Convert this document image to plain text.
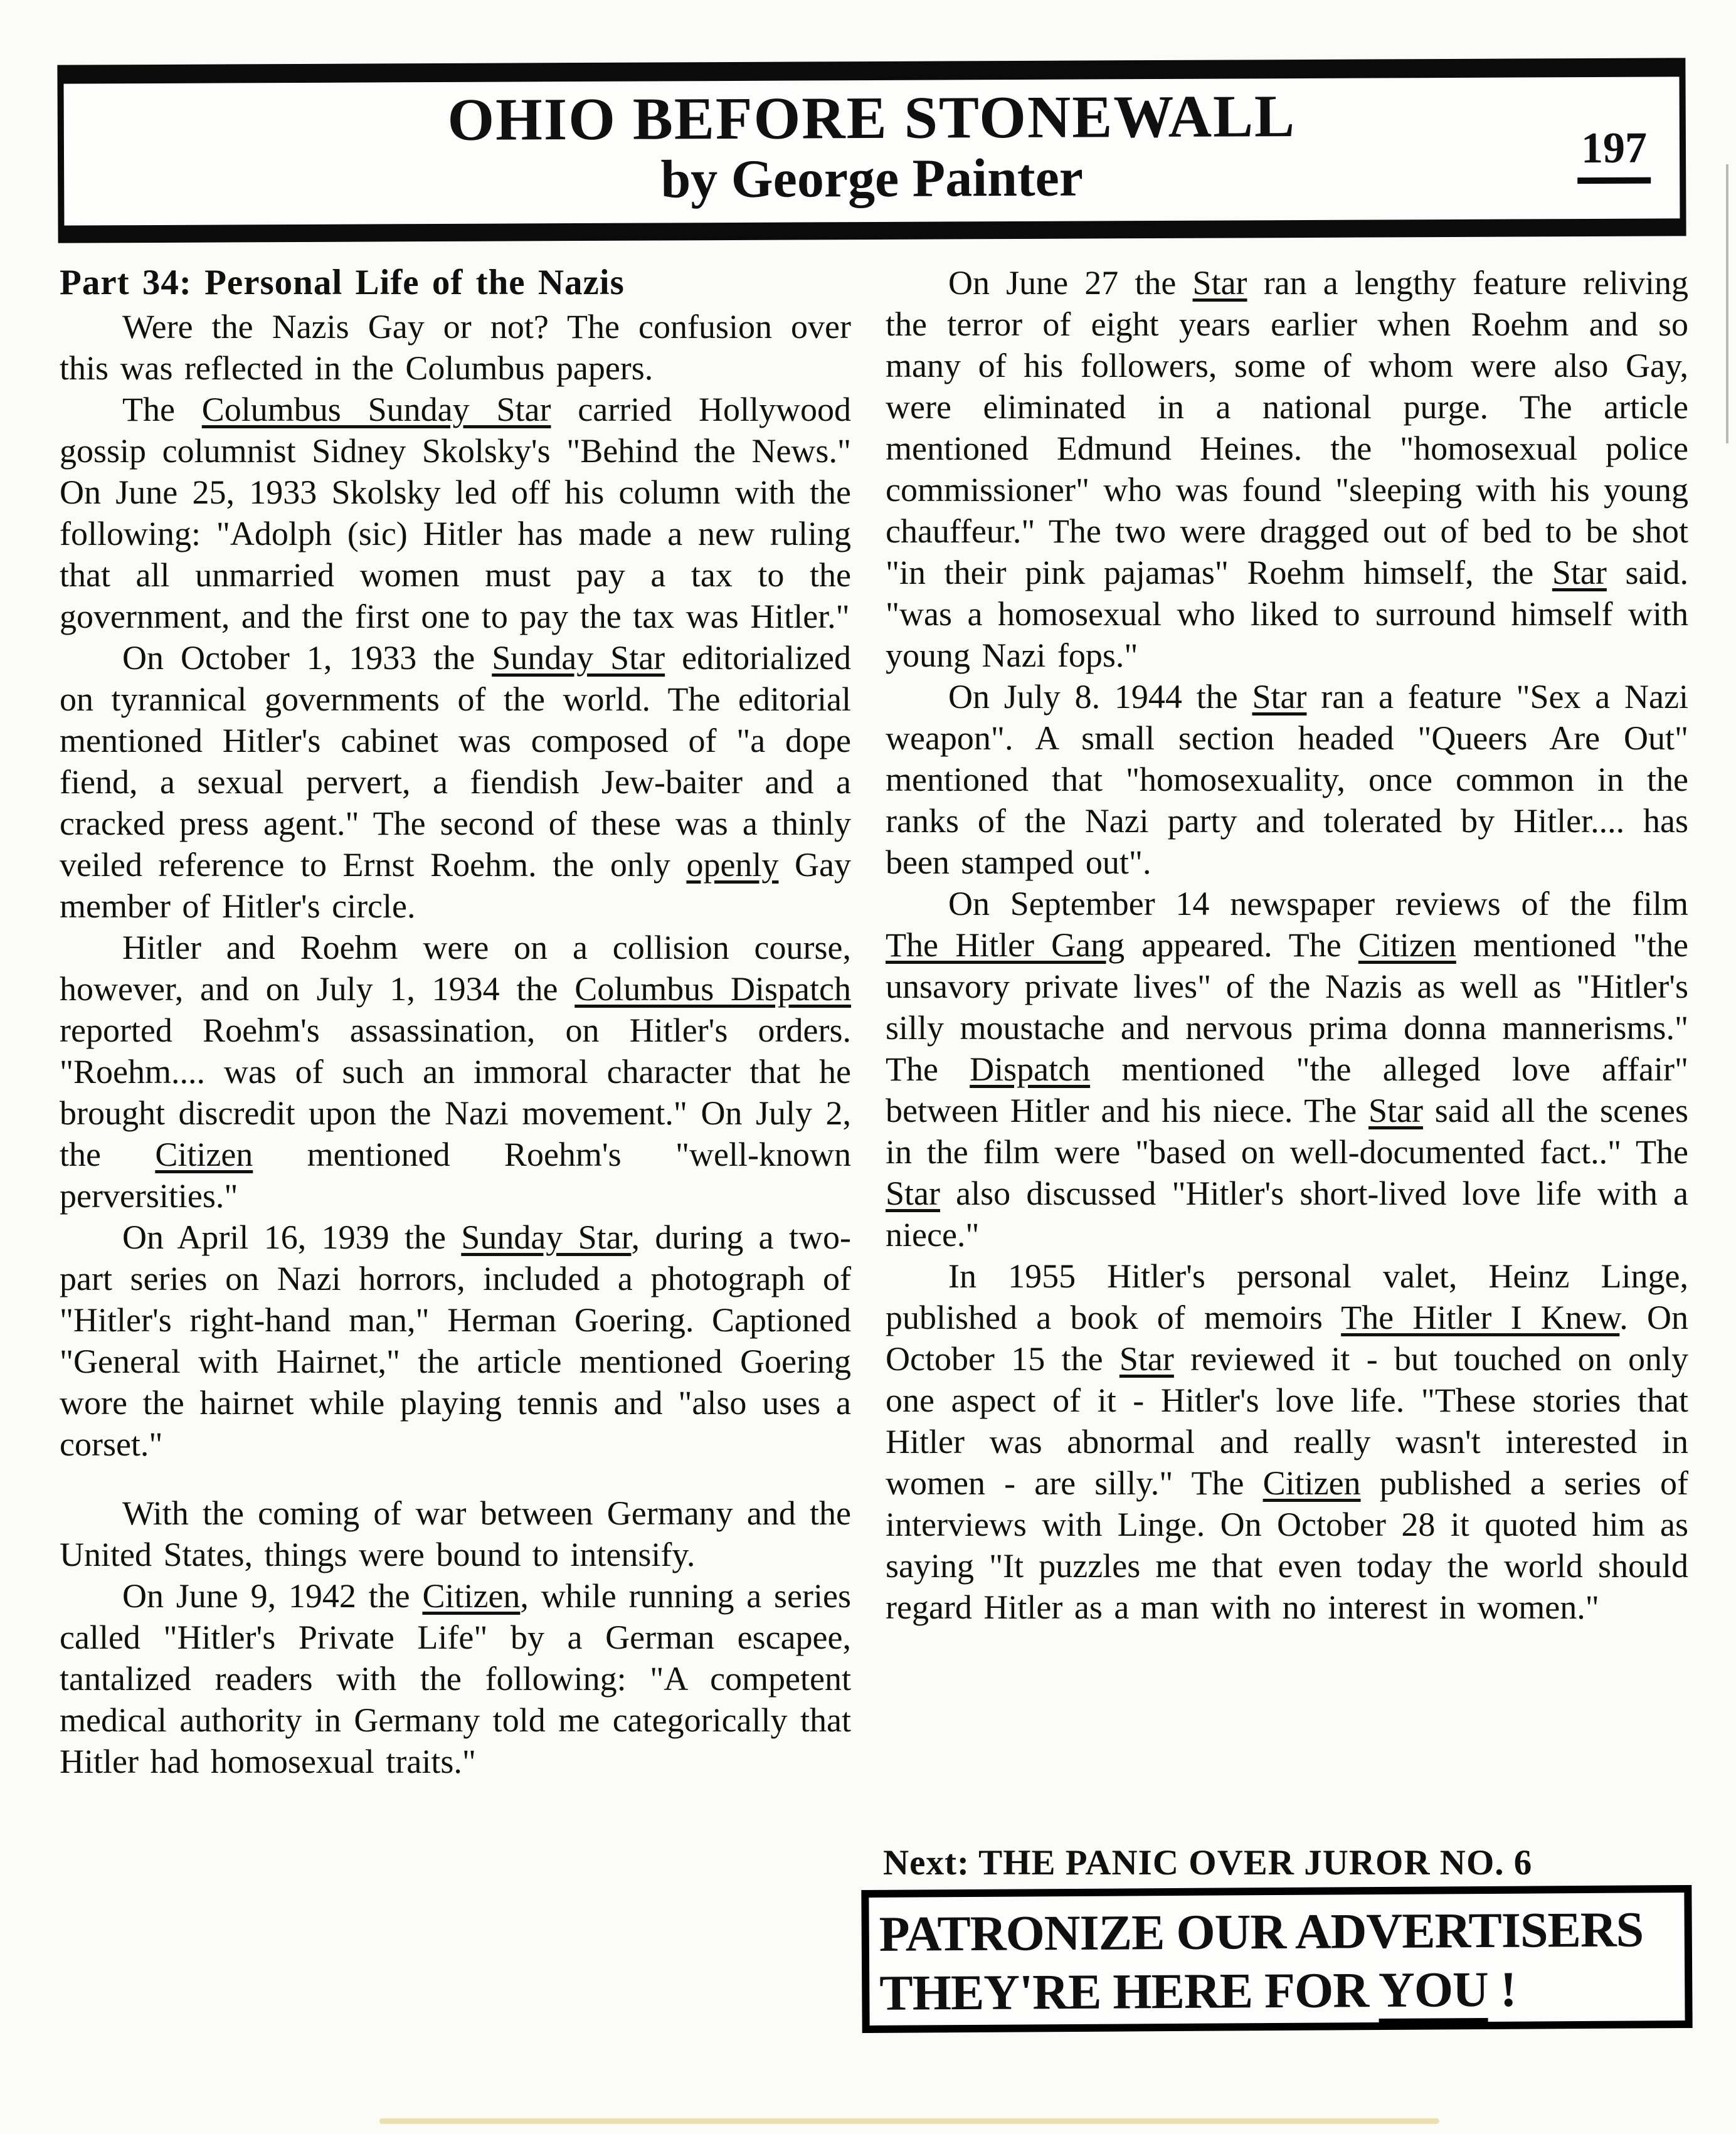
OHIO BEFORE STONEWALL
by George Painter	197
Part 34: Personal Life of the Nazis

Were the Nazis Gay or not? The confusion over this was reflected in the Columbus papers.

The Columbus Sunday Star carried Hollywood gossip columnist Sidney Skolsky's "Behind the News." On June 25, 1933 Skolsky led off his column with the following: "Adolph (sic) Hitler has made a new ruling that all unmarried women must pay a tax to the government, and the first one to pay the tax was Hitler."

On October 1, 1933 the Sunday Star editorialized on tyrannical governments of the world. The editorial mentioned Hitler's cabinet was composed of "a dope fiend, a sexual pervert, a fiendish Jew-baiter and a cracked press agent." The second of these was a thinly veiled reference to Ernst Roehm. the only openly Gay member of Hitler's circle.

Hitler and Roehm were on a collision course, however, and on July 1, 1934 the Columbus Dispatch reported Roehm's assassination, on Hitler's orders. "Roehm.... was of such an immoral character that he brought discredit upon the Nazi movement." On July 2, the Citizen mentioned Roehm's "well-known perversities."

On April 16, 1939 the Sunday Star, during a two-part series on Nazi horrors, included a photograph of "Hitler's right-hand man," Herman Goering. Captioned "General with Hairnet," the article mentioned Goering wore the hairnet while playing tennis and "also uses a corset."

With the coming of war between Germany and the United States, things were bound to intensify.

On June 9, 1942 the Citizen, while running a series called "Hitler's Private Life" by a German escapee, tantalized readers with the following: "A competent medical authority in Germany told me categorically that Hitler had homosexual traits."

On June 27 the Star ran a lengthy feature reliving the terror of eight years earlier when Roehm and so many of his followers, some of whom were also Gay, were eliminated in a national purge. The article mentioned Edmund Heines. the "homosexual police commissioner" who was found "sleeping with his young chauffeur." The two were dragged out of bed to be shot "in their pink pajamas" Roehm himself, the Star said. "was a homosexual who liked to surround himself with young Nazi fops."

On July 8. 1944 the Star ran a feature "Sex a Nazi weapon". A small section headed "Queers Are Out" mentioned that "homosexuality, once common in the ranks of the Nazi party and tolerated by Hitler.... has been stamped out".

On September 14 newspaper reviews of the film The Hitler Gang appeared. The Citizen mentioned "the unsavory private lives" of the Nazis as well as "Hitler's silly moustache and nervous prima donna mannerisms." The Dispatch mentioned "the alleged love affair" between Hitler and his niece. The Star said all the scenes in the film were "based on well-documented fact.." The Star also discussed "Hitler's short-lived love life with a niece."

In 1955 Hitler's personal valet, Heinz Linge, published a book of memoirs The Hitler I Knew. On October 15 the Star reviewed it - but touched on only one aspect of it - Hitler's love life. "These stories that Hitler was abnormal and really wasn't interested in women - are silly." The Citizen published a series of interviews with Linge. On October 28 it quoted him as saying "It puzzles me that even today the world should regard Hitler as a man with no interest in women."

Next: THE PANIC OVER JUROR NO. 6
PATRONIZE OUR ADVERTISERS
THEY'RE HERE FOR YOU !
